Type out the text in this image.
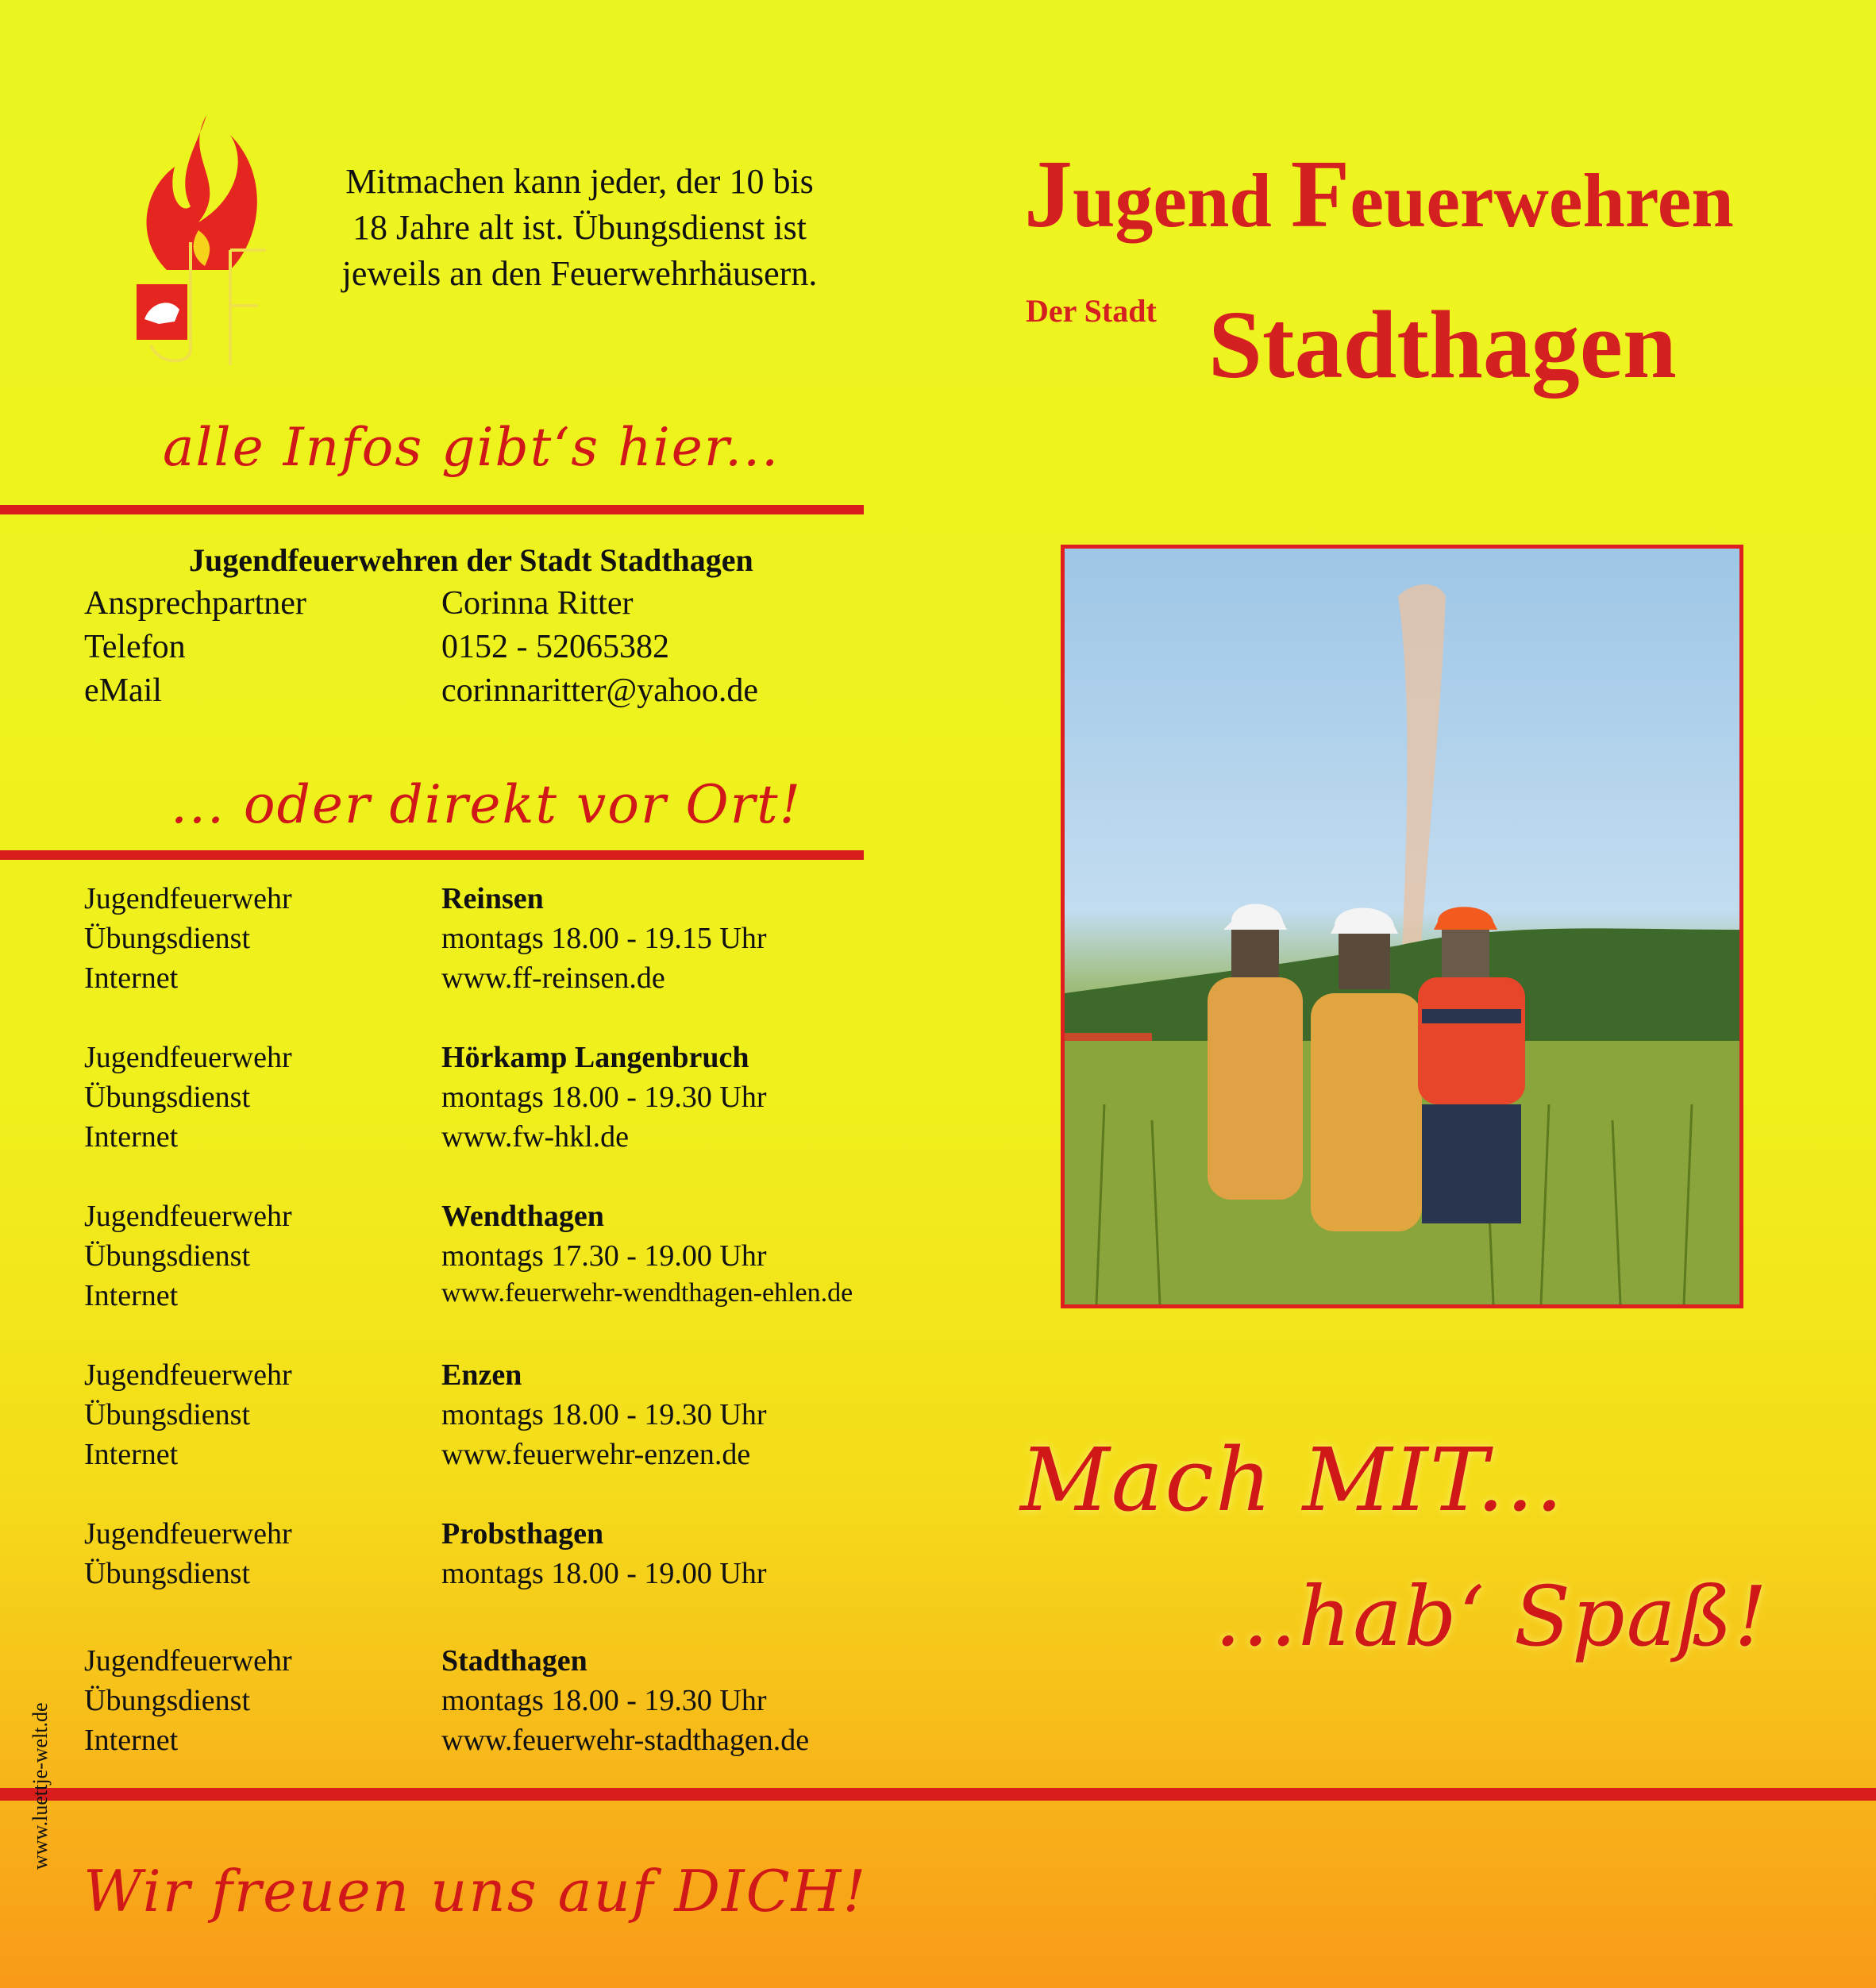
Mitmachen kann jeder, der 10 bis
18 Jahre alt ist. Übungsdienst ist
jeweils an den Feuerwehrhäusern.
Jugend Feuerwehren
Der Stadt Stadthagen
alle Infos gibt‘s hier...
Jugendfeuerwehren der Stadt Stadthagen
Ansprechpartner	Corinna Ritter
Telefon	0152 - 52065382
eMail	corinnaritter@yahoo.de
... oder direkt vor Ort!
Jugendfeuerwehr	Reinsen
Übungsdienst	montags 18.00 - 19.15 Uhr
Internet	www.ff-reinsen.de
Jugendfeuerwehr	Hörkamp Langenbruch
Übungsdienst	montags 18.00 - 19.30 Uhr
Internet	www.fw-hkl.de
Jugendfeuerwehr	Wendthagen
Übungsdienst	montags 17.30 - 19.00 Uhr
Internet	www.feuerwehr-wendthagen-ehlen.de
Jugendfeuerwehr	Enzen
Übungsdienst	montags 18.00 - 19.30 Uhr
Internet	www.feuerwehr-enzen.de
Jugendfeuerwehr	Probsthagen
Übungsdienst	montags 18.00 - 19.00 Uhr
Jugendfeuerwehr	Stadthagen
Übungsdienst	montags 18.00 - 19.30 Uhr
Internet	www.feuerwehr-stadthagen.de
Mach MIT...
...hab‘ Spaß!
Wir freuen uns auf DICH!
www.luettje-welt.de
